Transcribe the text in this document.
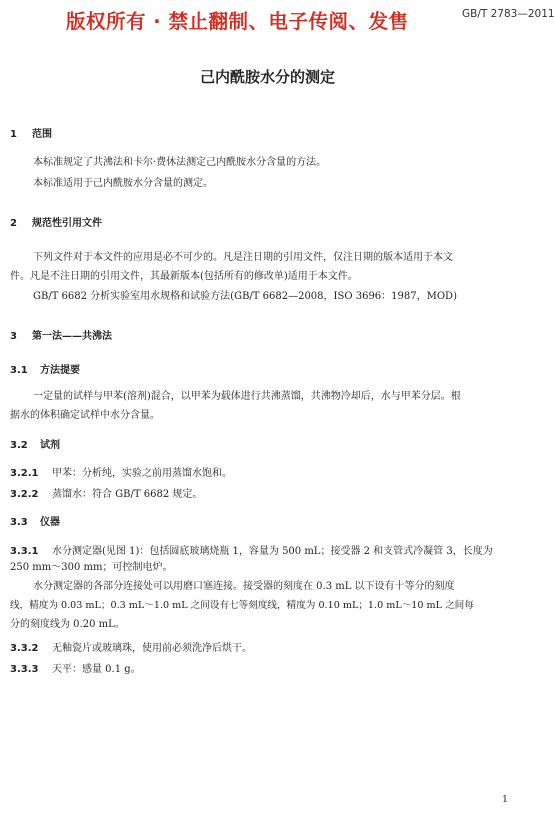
版权所有 · 禁止翻制、电子传阅、发售	GB/T 2783—2011
己内酰胺水分的测定
1 范围
本标准规定了共沸法和卡尔·费休法测定己内酰胺水分含量的方法。
本标准适用于己内酰胺水分含量的测定。
2 规范性引用文件
下列文件对于本文件的应用是必不可少的。凡是注日期的引用文件，仅注日期的版本适用于本文
件。凡是不注日期的引用文件，其最新版本(包括所有的修改单)适用于本文件。
GB/T 6682 分析实验室用水规格和试验方法(GB/T 6682—2008，ISO 3696：1987，MOD)
3 第一法——共沸法
3.1 方法提要
一定量的试样与甲苯(溶剂)混合，以甲苯为载体进行共沸蒸馏，共沸物冷却后，水与甲苯分层。根
据水的体积确定试样中水分含量。
3.2 试剂
3.2.1 甲苯：分析纯，实验之前用蒸馏水饱和。
3.2.2 蒸馏水：符合 GB/T 6682 规定。
3.3 仪器
3.3.1 水分测定器(见图 1)：包括圆底玻璃烧瓶 1，容量为 500 mL；接受器 2 和支管式冷凝管 3，长度为
250 mm～300 mm；可控制电炉。
水分测定器的各部分连接处可以用磨口塞连接。接受器的刻度在 0.3 mL 以下设有十等分的刻度
线，精度为 0.03 mL；0.3 mL～1.0 mL 之间设有七等刻度线，精度为 0.10 mL；1.0 mL～10 mL 之间每
分的刻度线为 0.20 mL。
3.3.2 无釉瓷片或玻璃珠，使用前必须洗净后烘干。
3.3.3 天平：感量 0.1 g。
1
